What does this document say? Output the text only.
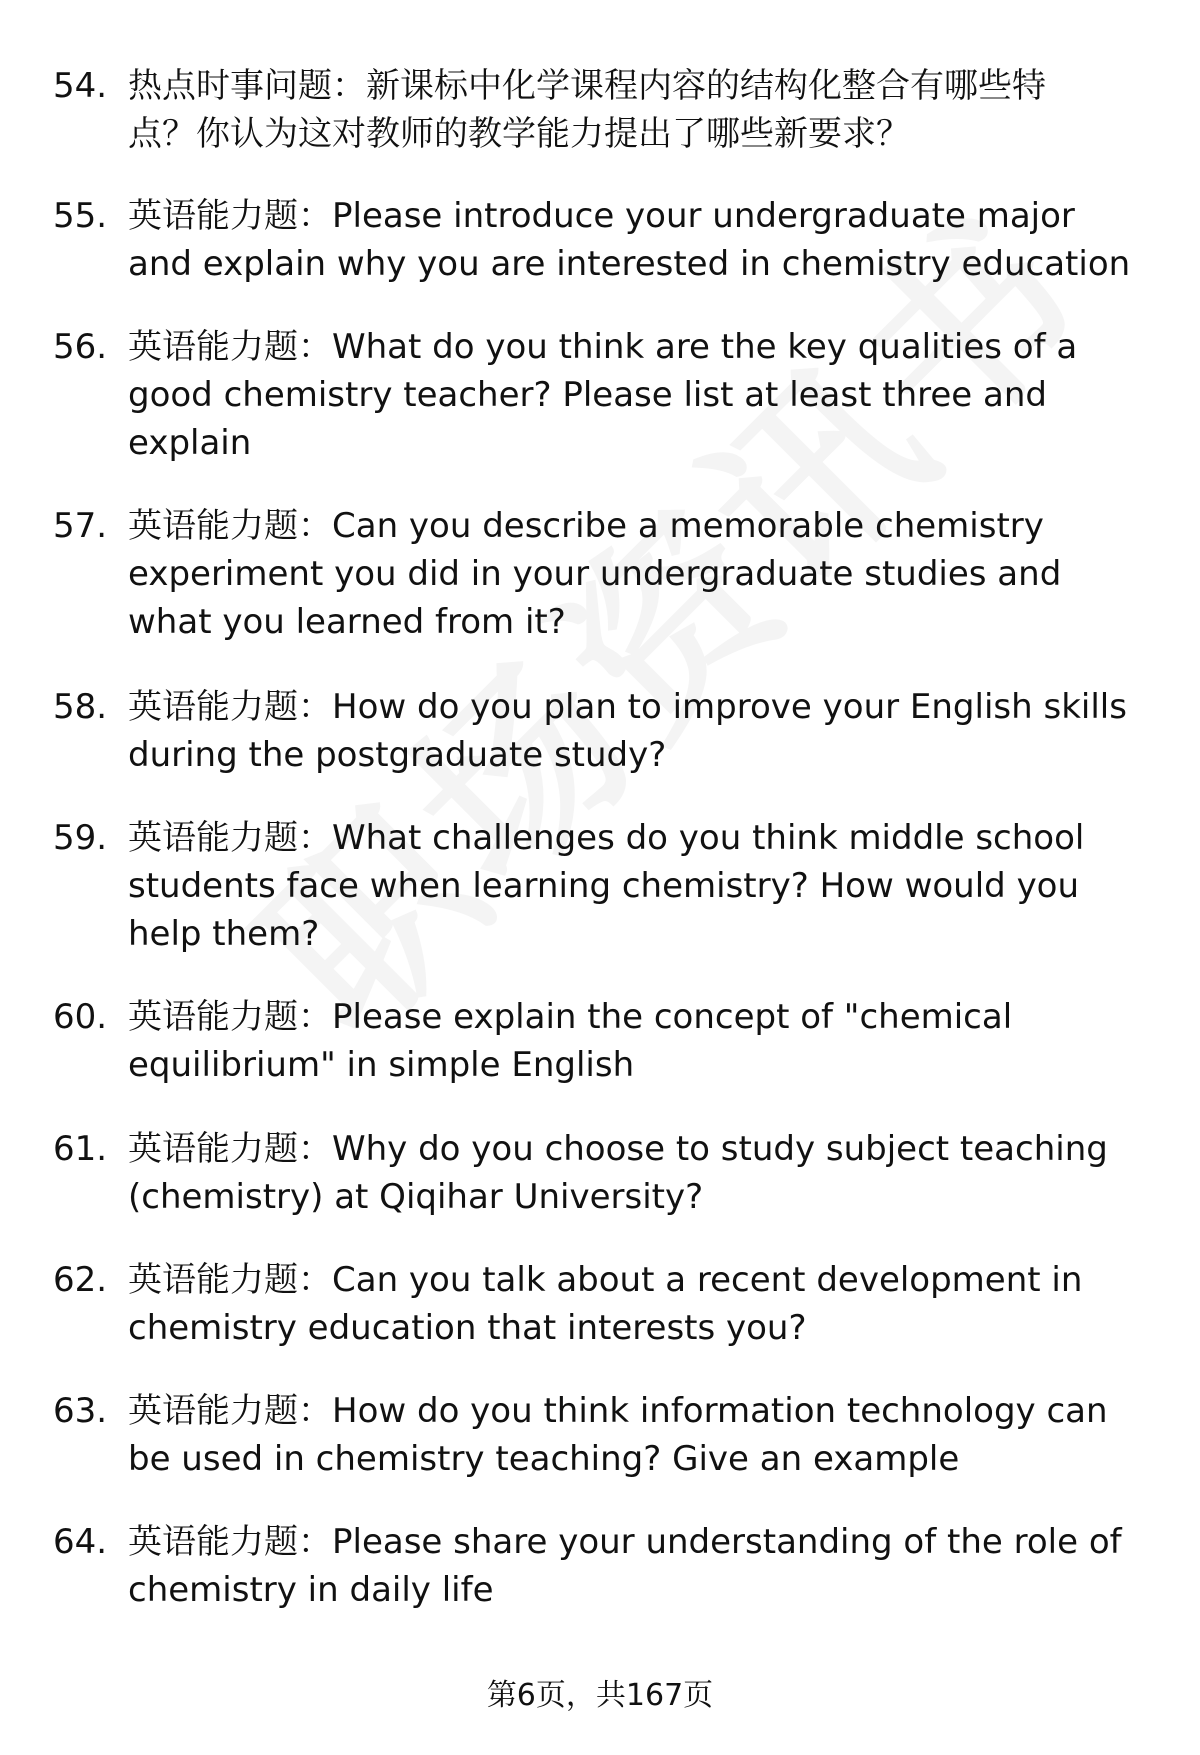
54. 热点时事问题：新课标中化学课程内容的结构化整合有哪些特
点？你认为这对教师的教学能力提出了哪些新要求？
55. 英语能力题：Please introduce your undergraduate major
and explain why you are interested in chemistry education
56. 英语能力题：What do you think are the key qualities of a
good chemistry teacher? Please list at least three and
explain
57. 英语能力题：Can you describe a memorable chemistry
experiment you did in your undergraduate studies and
what you learned from it?
58. 英语能力题：How do you plan to improve your English skills
during the postgraduate study?
59. 英语能力题：What challenges do you think middle school
students face when learning chemistry? How would you
help them?
60. 英语能力题：Please explain the concept of "chemical
equilibrium" in simple English
61. 英语能力题：Why do you choose to study subject teaching
(chemistry) at Qiqihar University?
62. 英语能力题：Can you talk about a recent development in
chemistry education that interests you?
63. 英语能力题：How do you think information technology can
be used in chemistry teaching? Give an example
64. 英语能力题：Please share your understanding of the role of
chemistry in daily life
第6页，共167页
